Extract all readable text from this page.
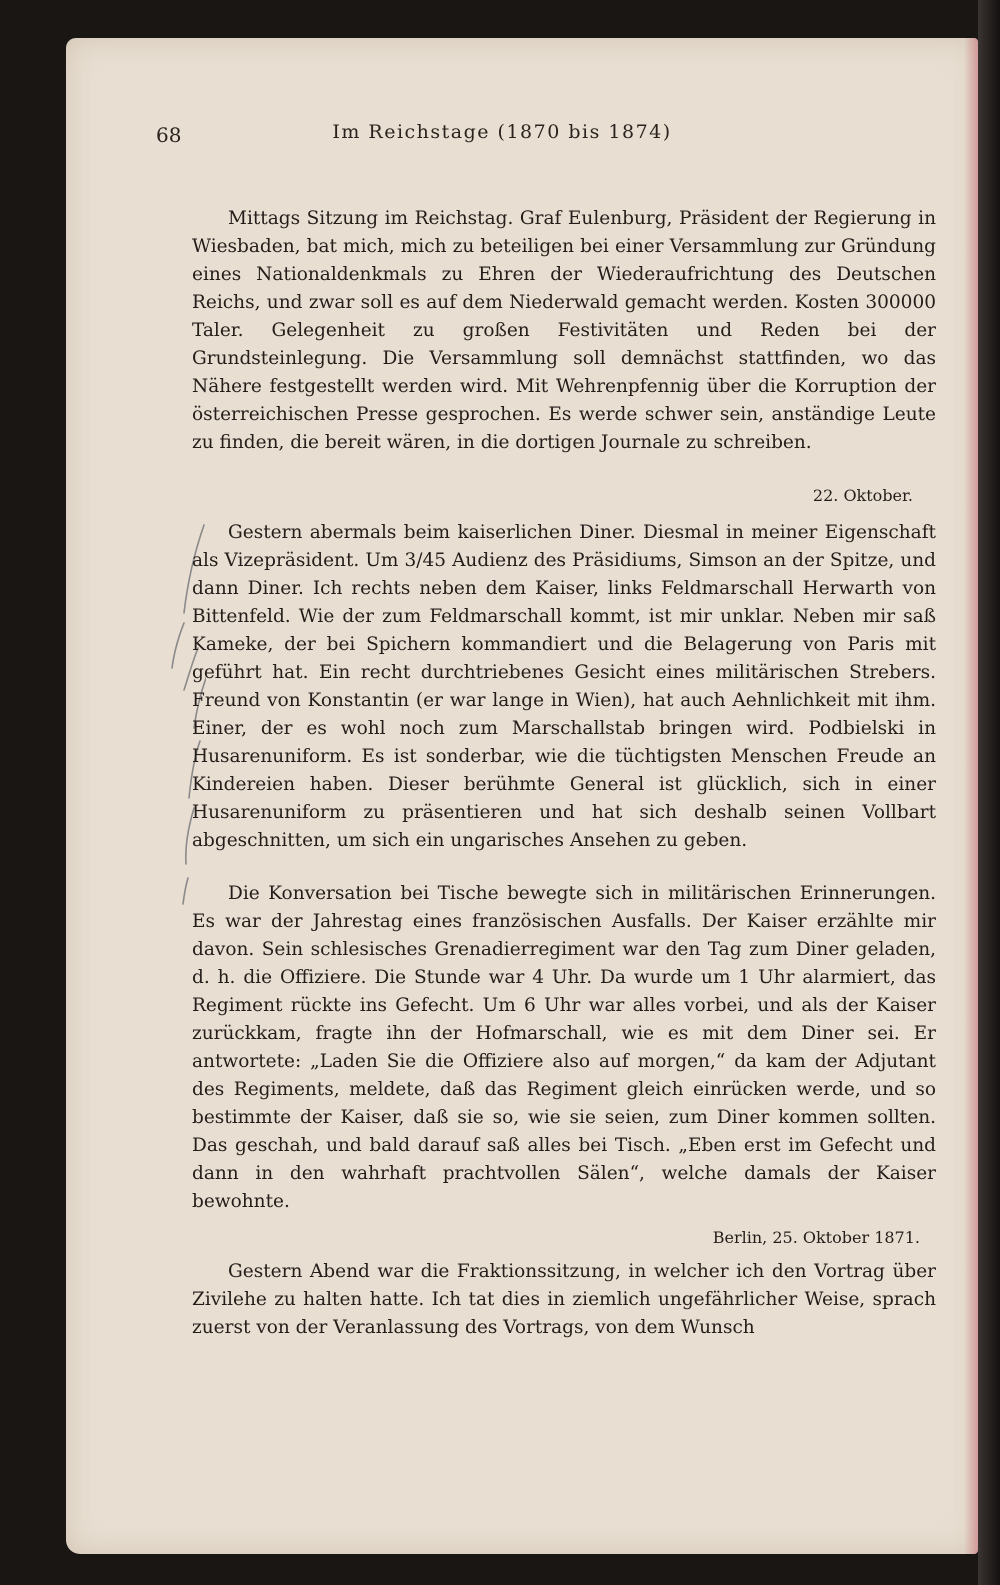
68	Im Reichstage (1870 bis 1874)

Mittags Sitzung im Reichstag. Graf Eulenburg, Präsident der Regierung in Wiesbaden, bat mich, mich zu beteiligen bei einer Versammlung zur Gründung eines Nationaldenkmals zu Ehren der Wiederaufrichtung des Deutschen Reichs, und zwar soll es auf dem Niederwald gemacht werden. Kosten 300000 Taler. Gelegenheit zu großen Festivitäten und Reden bei der Grundsteinlegung. Die Versammlung soll demnächst stattfinden, wo das Nähere festgestellt werden wird. Mit Wehrenpfennig über die Korruption der österreichischen Presse gesprochen. Es werde schwer sein, anständige Leute zu finden, die bereit wären, in die dortigen Journale zu schreiben.

22. Oktober.

Gestern abermals beim kaiserlichen Diner. Diesmal in meiner Eigenschaft als Vizepräsident. Um 3/45 Audienz des Präsidiums, Simson an der Spitze, und dann Diner. Ich rechts neben dem Kaiser, links Feldmarschall Herwarth von Bittenfeld. Wie der zum Feldmarschall kommt, ist mir unklar. Neben mir saß Kameke, der bei Spichern kommandiert und die Belagerung von Paris mit geführt hat. Ein recht durchtriebenes Gesicht eines militärischen Strebers. Freund von Konstantin (er war lange in Wien), hat auch Aehnlichkeit mit ihm. Einer, der es wohl noch zum Marschallstab bringen wird. Podbielski in Husarenuniform. Es ist sonderbar, wie die tüchtigsten Menschen Freude an Kindereien haben. Dieser berühmte General ist glücklich, sich in einer Husarenuniform zu präsentieren und hat sich deshalb seinen Vollbart abgeschnitten, um sich ein ungarisches Ansehen zu geben.

Die Konversation bei Tische bewegte sich in militärischen Erinnerungen. Es war der Jahrestag eines französischen Ausfalls. Der Kaiser erzählte mir davon. Sein schlesisches Grenadierregiment war den Tag zum Diner geladen, d. h. die Offiziere. Die Stunde war 4 Uhr. Da wurde um 1 Uhr alarmiert, das Regiment rückte ins Gefecht. Um 6 Uhr war alles vorbei, und als der Kaiser zurückkam, fragte ihn der Hofmarschall, wie es mit dem Diner sei. Er antwortete: „Laden Sie die Offiziere also auf morgen,“ da kam der Adjutant des Regiments, meldete, daß das Regiment gleich einrücken werde, und so bestimmte der Kaiser, daß sie so, wie sie seien, zum Diner kommen sollten. Das geschah, und bald darauf saß alles bei Tisch. „Eben erst im Gefecht und dann in den wahrhaft prachtvollen Sälen“, welche damals der Kaiser bewohnte.

Berlin, 25. Oktober 1871.

Gestern Abend war die Fraktionssitzung, in welcher ich den Vortrag über Zivilehe zu halten hatte. Ich tat dies in ziemlich ungefährlicher Weise, sprach zuerst von der Veranlassung des Vortrags, von dem Wunsch
